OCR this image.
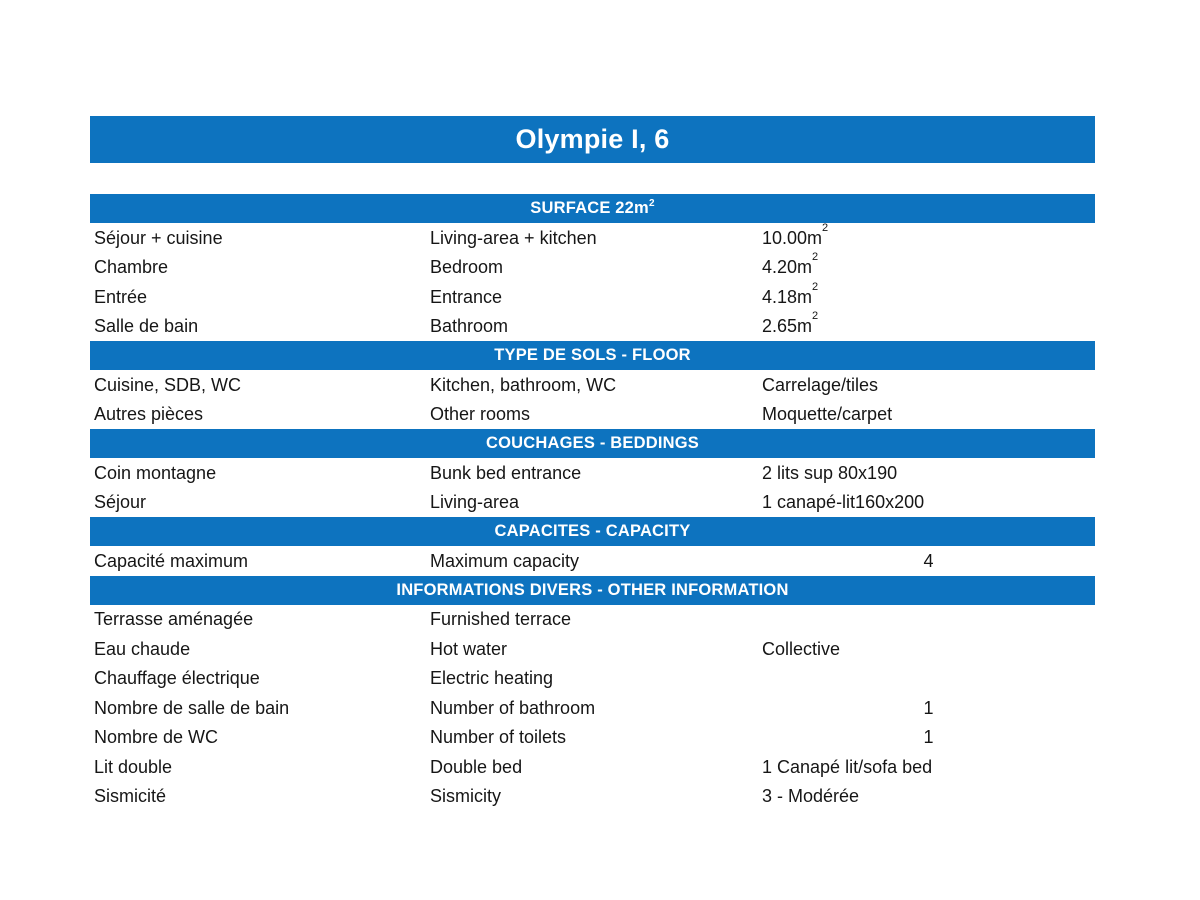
Olympie I, 6
SURFACE $22m^2$
Séjour + cuisine	Living-area + kitchen	$10.00m^2$
Chambre	Bedroom	$4.20m^2$
Entrée	Entrance	$4.18m^2$
Salle de bain	Bathroom	$2.65m^2$
TYPE DE SOLS - FLOOR
Cuisine, SDB, WC	Kitchen, bathroom, WC	Carrelage/tiles
Autres pièces	Other rooms	Moquette/carpet
COUCHAGES - BEDDINGS
Coin montagne	Bunk bed entrance	2 lits sup 80x190
Séjour	Living-area	1 canapé-lit160x200
CAPACITES - CAPACITY
Capacité maximum	Maximum capacity	4
INFORMATIONS DIVERS - OTHER INFORMATION
Terrasse aménagée	Furnished terrace
Eau chaude	Hot water	Collective
Chauffage électrique	Electric heating
Nombre de salle de bain	Number of bathroom	1
Nombre de WC	Number of toilets	1
Lit double	Double bed	1 Canapé lit/sofa bed
Sismicité	Sismicity	3 - Modérée
